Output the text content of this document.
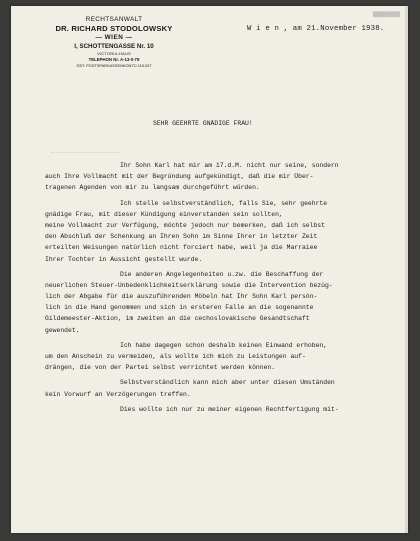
RECHTSANWALT
DR. RICHARD STODOLOWSKY
— WIEN —
I, SCHOTTENGASSE Nr. 10
VICTORIA-HAUS
TELEPHON Nr. A-13-0-79
ÖST. POSTSPARKASSENKONTO 115.037
▒▒▒▒▒▒▒▒▒
W i e n , am 21.November 1938.
SEHR GEEHRTE GNÄDIGE FRAU!
Ihr Sohn Karl hat mir am 17.d.M. nicht nur seine, sondern
auch Ihre Vollmacht mit der Begründung aufgekündigt, daß die mir Über-
tragenen Agenden von mir zu langsam durchgeführt würden.
Ich stelle selbstverständlich, falls Sie, sehr geehrte
gnädige Frau, mit dieser Kündigung einverstanden sein sollten,
meine Vollmacht zur Verfügung, möchte jedoch nur bemerken, daß ich selbst
den Abschluß der Schenkung an Ihren Sohn im Sinne Ihrer in letzter Zeit
erteilten Weisungen natürlich nicht forciert habe, weil ja die Marraiee
Ihrer Tochter in Aussicht gestellt wurde.
Die anderen Angelegenheiten u.zw. die Beschaffung der
neuerlichen Steuer-Unbedenklichkeitserklärung sowie die Intervention bezüg-
lich der Abgabe für die auszuführenden Möbeln hat Ihr Sohn Karl persön-
lich in die Hand genommen und sich in ersteren Falle an die sogenannte
Gildemeester-Aktion, im zweiten an die cechoslovakische Gesandtschaft
gewendet.
Ich habe dagegen schon deshalb keinen Einwand erhoben,
um den Anschein zu vermeiden, als wollte ich mich zu Leistungen auf-
drängen, die von der Partei selbst verrichtet werden können.
Selbstverständlich kann mich aber unter diesen Umständen
kein Vorwurf an Verzögerungen treffen.
Dies wollte ich nur zu meiner eigenen Rechtfertigung mit-
